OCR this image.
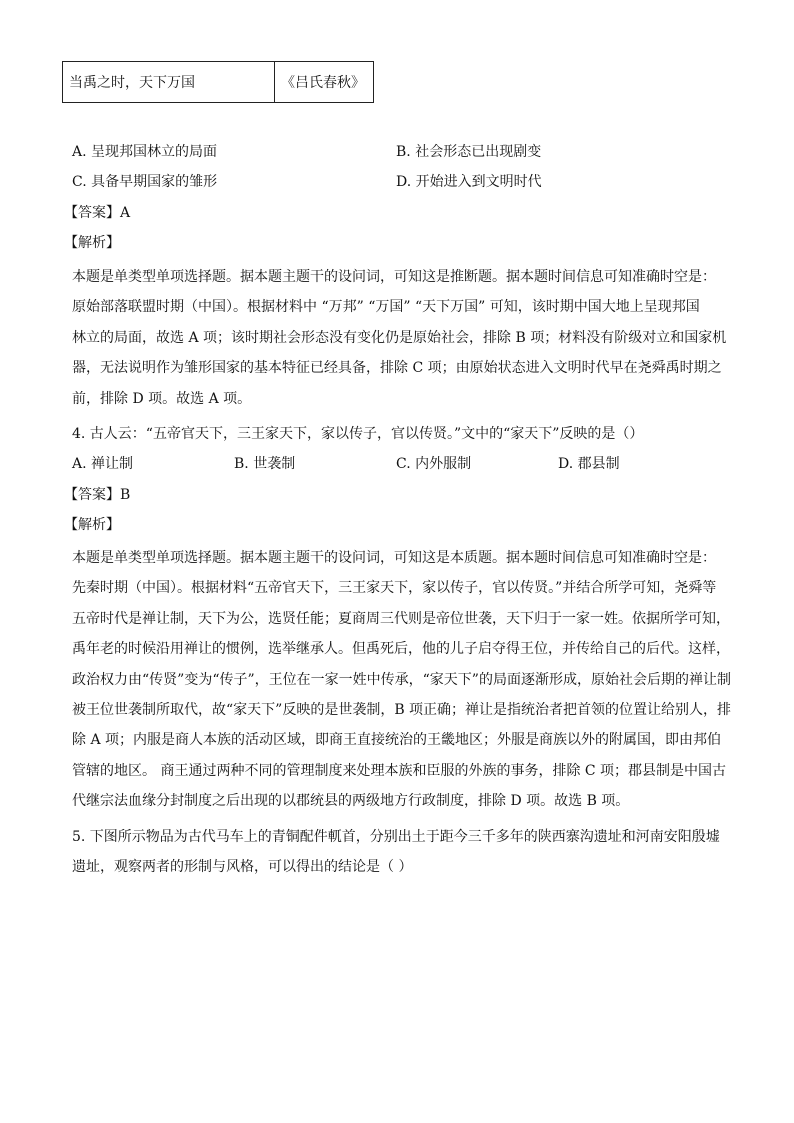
当禹之时，天下万国	《吕氏春秋》
A. 呈现邦国林立的局面	B. 社会形态已出现剧变
C. 具备早期国家的雏形	D. 开始进入到文明时代
【答案】A
【解析】
本题是单类型单项选择题。据本题主题干的设问词，可知这是推断题。据本题时间信息可知准确时空是：
原始部落联盟时期（中国）。根据材料中 “万邦” “万国” “天下万国” 可知，该时期中国大地上呈现邦国
林立的局面，故选 A 项；该时期社会形态没有变化仍是原始社会，排除 B 项；材料没有阶级对立和国家机
器，无法说明作为雏形国家的基本特征已经具备，排除 C 项；由原始状态进入文明时代早在尧舜禹时期之
前，排除 D 项。故选 A 项。
4. 古人云：“五帝官天下，三王家天下，家以传子，官以传贤。”文中的“家天下”反映的是（）
A. 禅让制	B. 世袭制	C. 内外服制	D. 郡县制
【答案】B
【解析】
本题是单类型单项选择题。据本题主题干的设问词，可知这是本质题。据本题时间信息可知准确时空是：
先秦时期（中国）。根据材料“五帝官天下，三王家天下，家以传子，官以传贤。”并结合所学可知，尧舜等
五帝时代是禅让制，天下为公，选贤任能；夏商周三代则是帝位世袭，天下归于一家一姓。依据所学可知，
禹年老的时候沿用禅让的惯例，选举继承人。但禹死后，他的儿子启夺得王位，并传给自己的后代。这样，
政治权力由“传贤”变为“传子”，王位在一家一姓中传承，“家天下”的局面逐渐形成，原始社会后期的禅让制
被王位世袭制所取代，故“家天下”反映的是世袭制，B 项正确；禅让是指统治者把首领的位置让给别人，排
除 A 项；内服是商人本族的活动区域，即商王直接统治的王畿地区；外服是商族以外的附属国，即由邦伯
管辖的地区。 商王通过两种不同的管理制度来处理本族和臣服的外族的事务，排除 C 项；郡县制是中国古
代继宗法血缘分封制度之后出现的以郡统县的两级地方行政制度，排除 D 项。故选 B 项。
5. 下图所示物品为古代马车上的青铜配件軏首，分别出土于距今三千多年的陕西寨沟遗址和河南安阳殷墟
遗址，观察两者的形制与风格，可以得出的结论是（ ）
